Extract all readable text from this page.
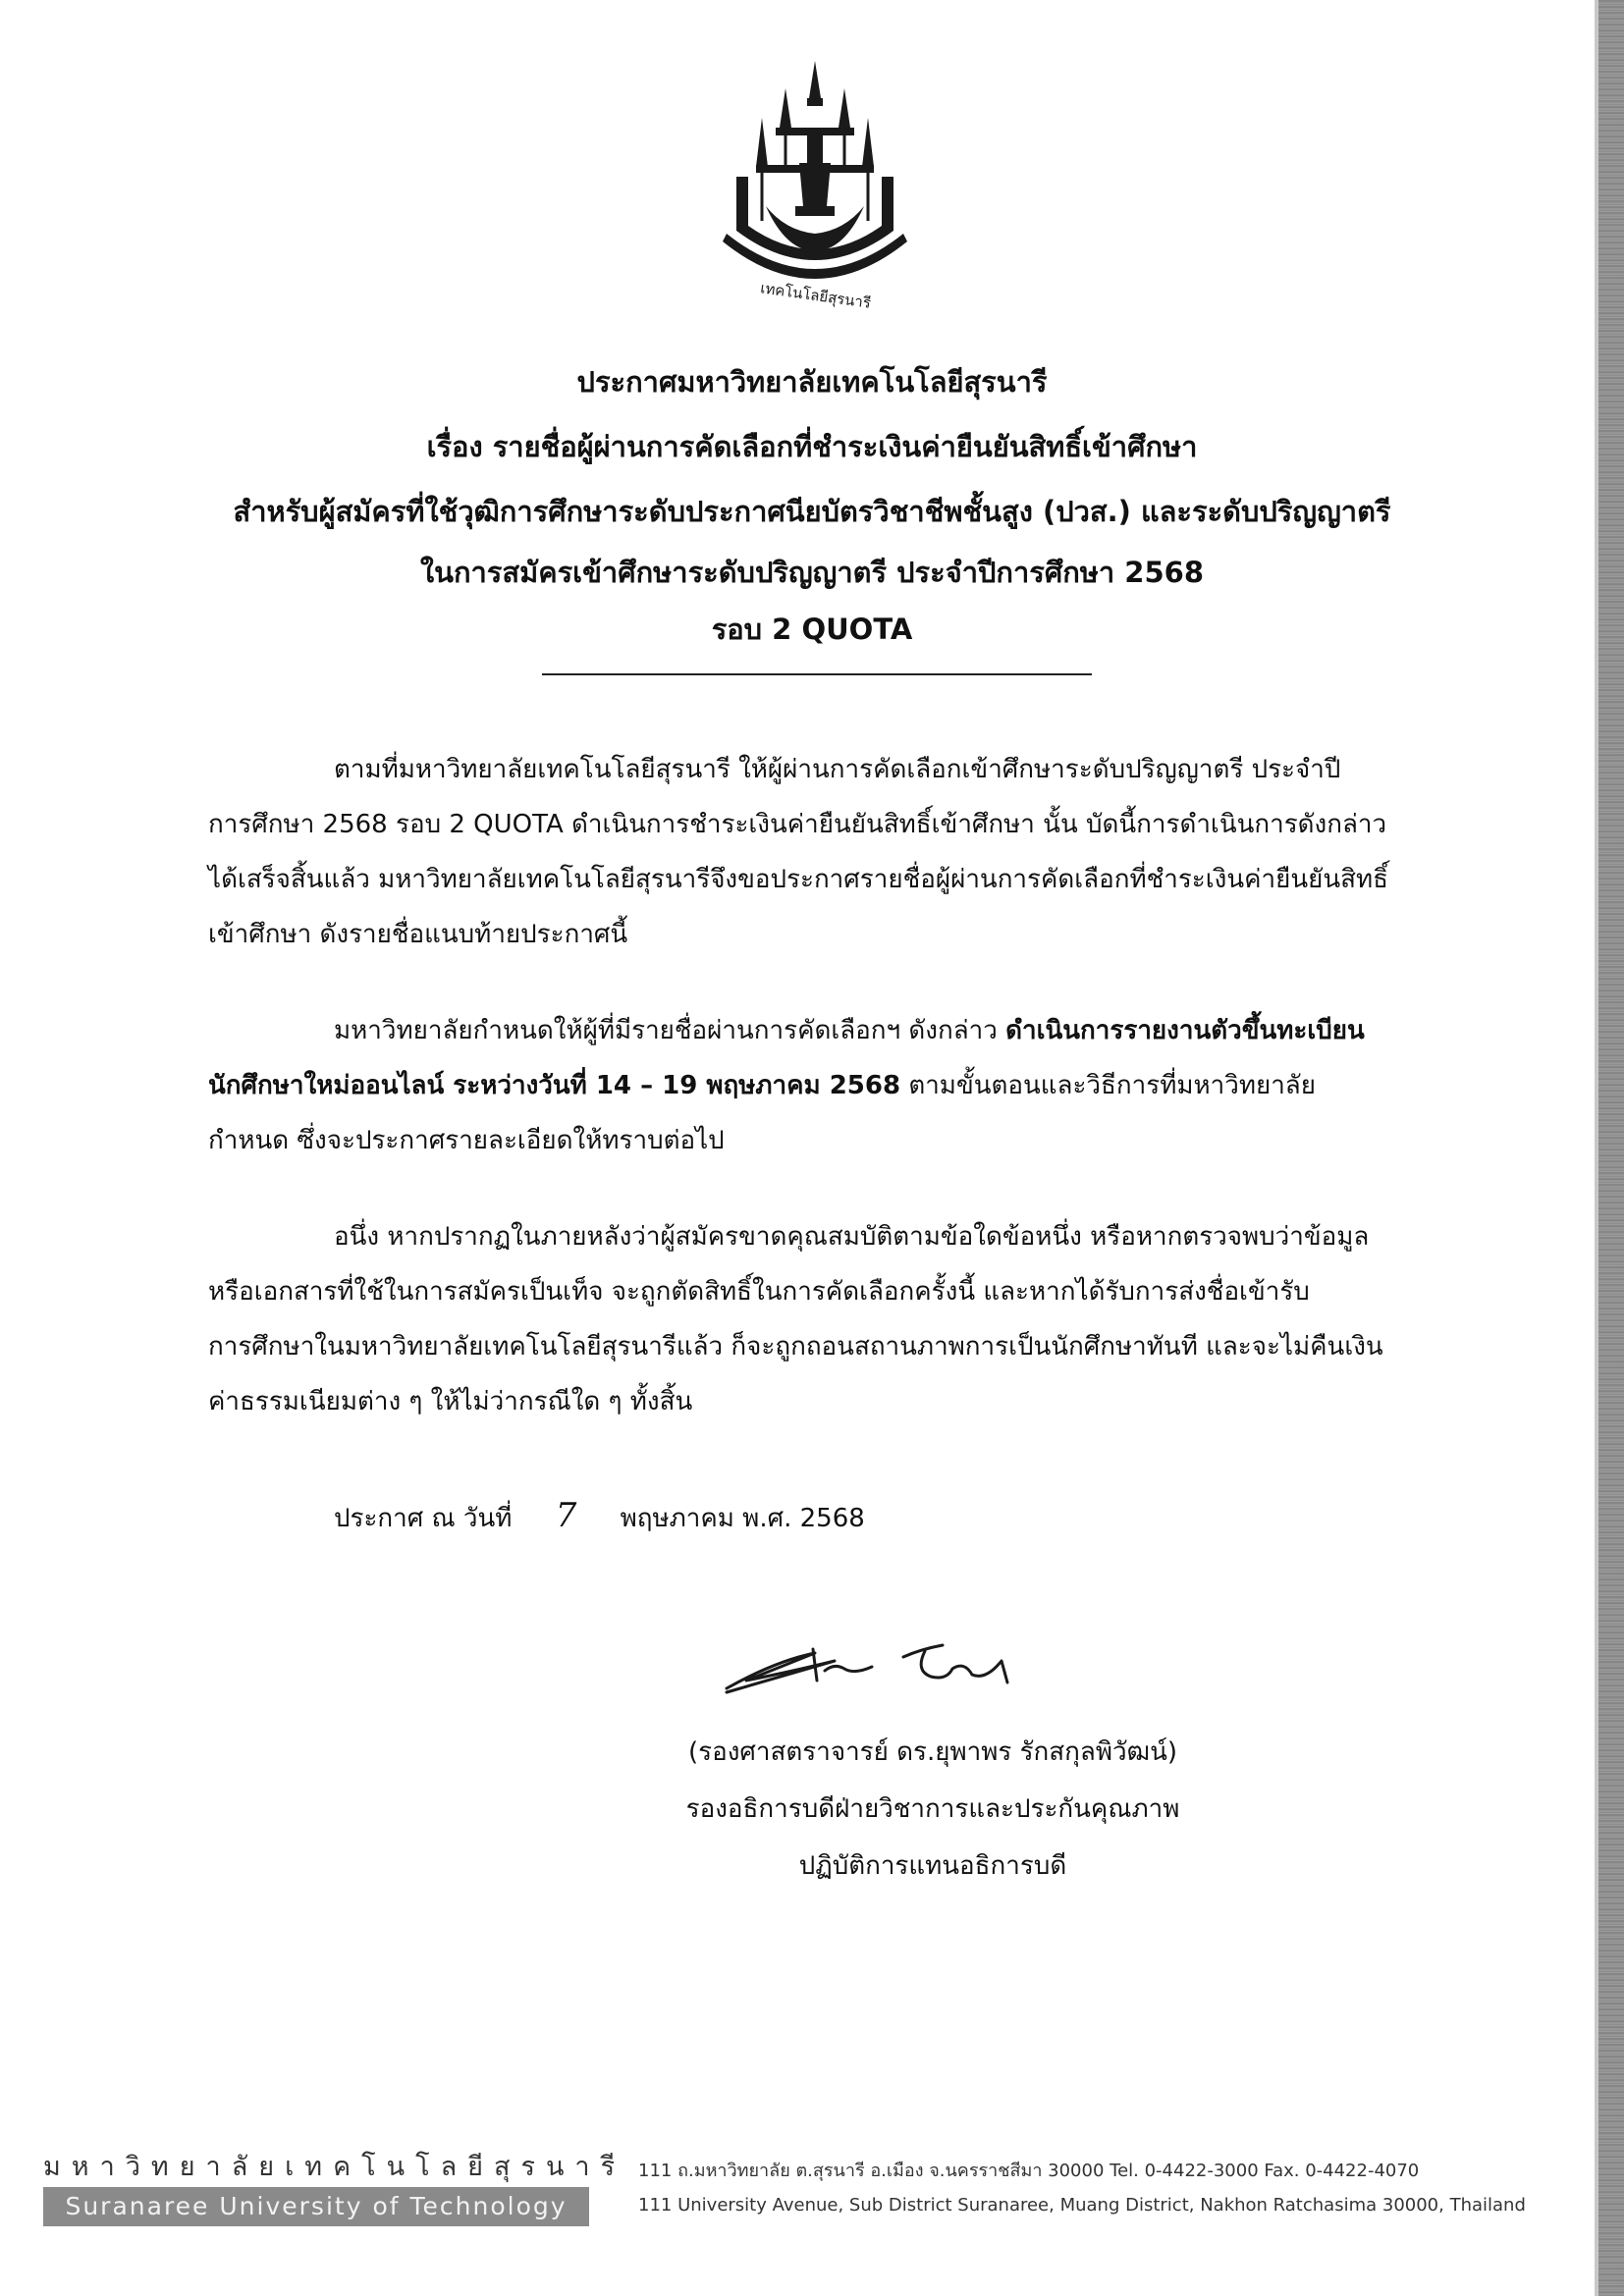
เทคโนโลยีสุรนารี
ประกาศมหาวิทยาลัยเทคโนโลยีสุรนารี
เรื่อง รายชื่อผู้ผ่านการคัดเลือกที่ชำระเงินค่ายืนยันสิทธิ์เข้าศึกษา
สำหรับผู้สมัครที่ใช้วุฒิการศึกษาระดับประกาศนียบัตรวิชาชีพชั้นสูง (ปวส.) และระดับปริญญาตรี
ในการสมัครเข้าศึกษาระดับปริญญาตรี ประจำปีการศึกษา 2568
รอบ 2 QUOTA
ตามที่มหาวิทยาลัยเทคโนโลยีสุรนารี ให้ผู้ผ่านการคัดเลือกเข้าศึกษาระดับปริญญาตรี ประจำปี
การศึกษา 2568 รอบ 2 QUOTA ดำเนินการชำระเงินค่ายืนยันสิทธิ์เข้าศึกษา นั้น บัดนี้การดำเนินการดังกล่าว
ได้เสร็จสิ้นแล้ว มหาวิทยาลัยเทคโนโลยีสุรนารีจึงขอประกาศรายชื่อผู้ผ่านการคัดเลือกที่ชำระเงินค่ายืนยันสิทธิ์
เข้าศึกษา ดังรายชื่อแนบท้ายประกาศนี้
มหาวิทยาลัยกำหนดให้ผู้ที่มีรายชื่อผ่านการคัดเลือกฯ ดังกล่าว ดำเนินการรายงานตัวขึ้นทะเบียน
นักศึกษาใหม่ออนไลน์ ระหว่างวันที่ 14 – 19 พฤษภาคม 2568 ตามขั้นตอนและวิธีการที่มหาวิทยาลัย
กำหนด ซึ่งจะประกาศรายละเอียดให้ทราบต่อไป
อนึ่ง หากปรากฏในภายหลังว่าผู้สมัครขาดคุณสมบัติตามข้อใดข้อหนึ่ง หรือหากตรวจพบว่าข้อมูล
หรือเอกสารที่ใช้ในการสมัครเป็นเท็จ จะถูกตัดสิทธิ์ในการคัดเลือกครั้งนี้ และหากได้รับการส่งชื่อเข้ารับ
การศึกษาในมหาวิทยาลัยเทคโนโลยีสุรนารีแล้ว ก็จะถูกถอนสถานภาพการเป็นนักศึกษาทันที และจะไม่คืนเงิน
ค่าธรรมเนียมต่าง ๆ ให้ไม่ว่ากรณีใด ๆ ทั้งสิ้น
ประกาศ ณ วันที่ 7 พฤษภาคม พ.ศ. 2568
(รองศาสตราจารย์ ดร.ยุพาพร รักสกุลพิวัฒน์)
รองอธิการบดีฝ่ายวิชาการและประกันคุณภาพ
ปฏิบัติการแทนอธิการบดี
มหาวิทยาลัยเทคโนโลยีสุรนารี
Suranaree University of Technology
111 ถ.มหาวิทยาลัย ต.สุรนารี อ.เมือง จ.นครราชสีมา 30000 Tel. 0-4422-3000 Fax. 0-4422-4070
111 University Avenue, Sub District Suranaree, Muang District, Nakhon Ratchasima 30000, Thailand
